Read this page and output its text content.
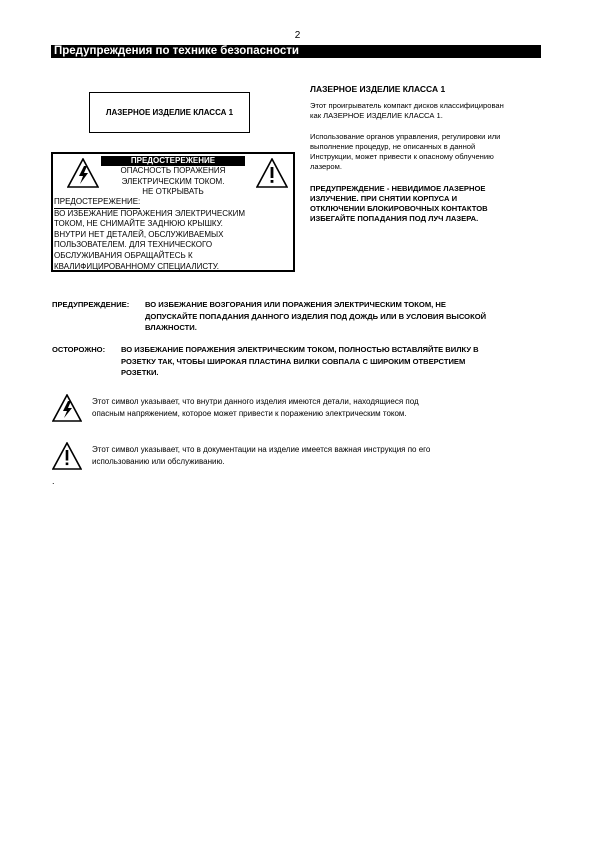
2
Предупреждения по технике безопасности
ЛАЗЕРНОЕ ИЗДЕЛИЕ КЛАССА 1
ПРЕДОСТЕРЕЖЕНИЕ
ОПАСНОСТЬ ПОРАЖЕНИЯ
ЭЛЕКТРИЧЕСКИМ ТОКОМ.
НЕ ОТКРЫВАТЬ
ПРЕДОСТЕРЕЖЕНИЕ:
ВО ИЗБЕЖАНИЕ ПОРАЖЕНИЯ ЭЛЕКТРИЧЕСКИМ
ТОКОМ, НЕ СНИМАЙТЕ ЗАДНЮЮ КРЫШКУ.
ВНУТРИ НЕТ ДЕТАЛЕЙ, ОБСЛУЖИВАЕМЫХ
ПОЛЬЗОВАТЕЛЕМ. ДЛЯ ТЕХНИЧЕСКОГО
ОБСЛУЖИВАНИЯ ОБРАЩАЙТЕСЬ К
КВАЛИФИЦИРОВАННОМУ СПЕЦИАЛИСТУ.
ЛАЗЕРНОЕ ИЗДЕЛИЕ КЛАССА 1
Этот проигрыватель компакт дисков классифицирован
как ЛАЗЕРНОЕ ИЗДЕЛИЕ КЛАССА 1.
Использование органов управления, регулировки или
выполнение процедур, не описанных в данной
Инструкции, может привести к опасному облучению
лазером.
ПРЕДУПРЕЖДЕНИЕ - НЕВИДИМОЕ ЛАЗЕРНОЕ
ИЗЛУЧЕНИЕ. ПРИ СНЯТИИ КОРПУСА И
ОТКЛЮЧЕНИИ БЛОКИРОВОЧНЫХ КОНТАКТОВ
ИЗБЕГАЙТЕ ПОПАДАНИЯ ПОД ЛУЧ ЛАЗЕРА.
ПРЕДУПРЕЖДЕНИЕ: ВО ИЗБЕЖАНИЕ ВОЗГОРАНИЯ ИЛИ ПОРАЖЕНИЯ ЭЛЕКТРИЧЕСКИМ ТОКОМ, НЕ
ДОПУСКАЙТЕ ПОПАДАНИЯ ДАННОГО ИЗДЕЛИЯ ПОД ДОЖДЬ ИЛИ В УСЛОВИЯ ВЫСОКОЙ
ВЛАЖНОСТИ.
ОСТОРОЖНО: ВО ИЗБЕЖАНИЕ ПОРАЖЕНИЯ ЭЛЕКТРИЧЕСКИМ ТОКОМ, ПОЛНОСТЬЮ ВСТАВЛЯЙТЕ ВИЛКУ В
РОЗЕТКУ ТАК, ЧТОБЫ ШИРОКАЯ ПЛАСТИНА ВИЛКИ СОВПАЛА С ШИРОКИМ ОТВЕРСТИЕМ
РОЗЕТКИ.
Этот символ указывает, что внутри данного изделия имеются детали, находящиеся под
опасным напряжением, которое может привести к поражению электрическим током.
Этот символ указывает, что в документации на изделие имеется важная инструкция по его
использованию или обслуживанию.
.
